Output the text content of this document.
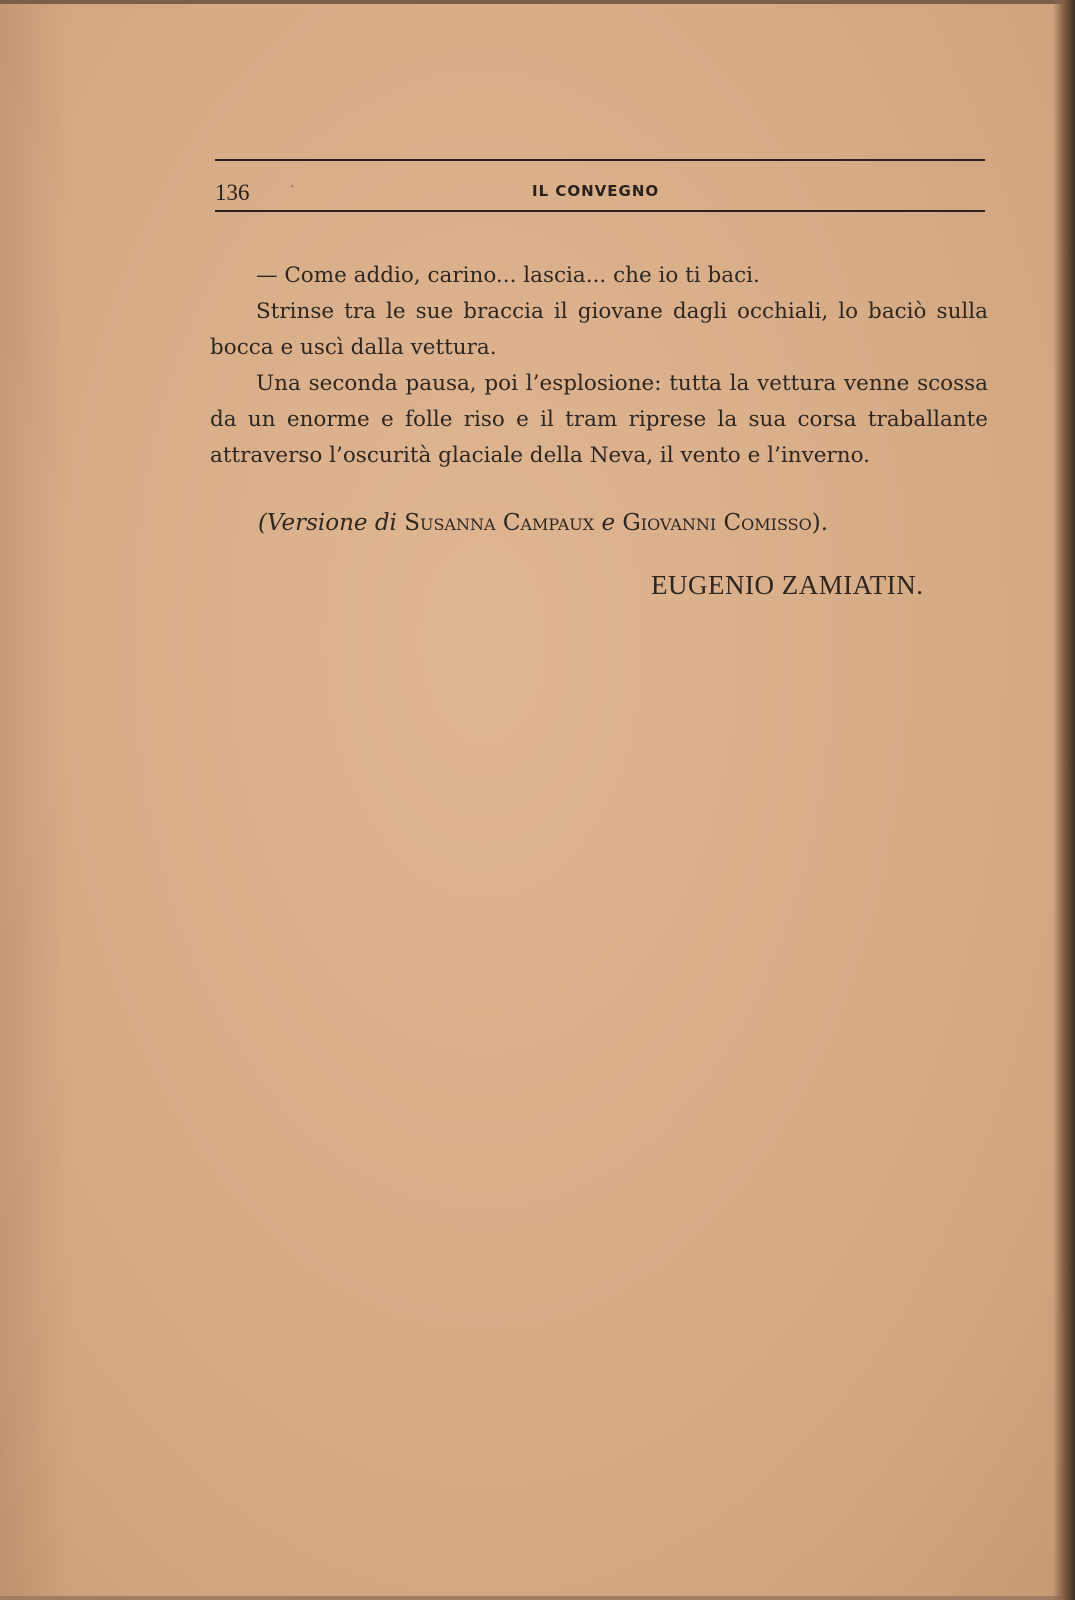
136	·	IL CONVEGNO

— Come addio, carino... lascia... che io ti baci.

Strinse tra le sue braccia il giovane dagli occhiali, lo baciò sulla bocca e uscì dalla vettura.

Una seconda pausa, poi l’esplosione: tutta la vettura venne scossa da un enorme e folle riso e il tram riprese la sua corsa traballante attraverso l’oscurità glaciale della Neva, il vento e l’inverno.

(Versione di Susanna Campaux e Giovanni Comisso).
EUGENIO ZAMIATIN.
